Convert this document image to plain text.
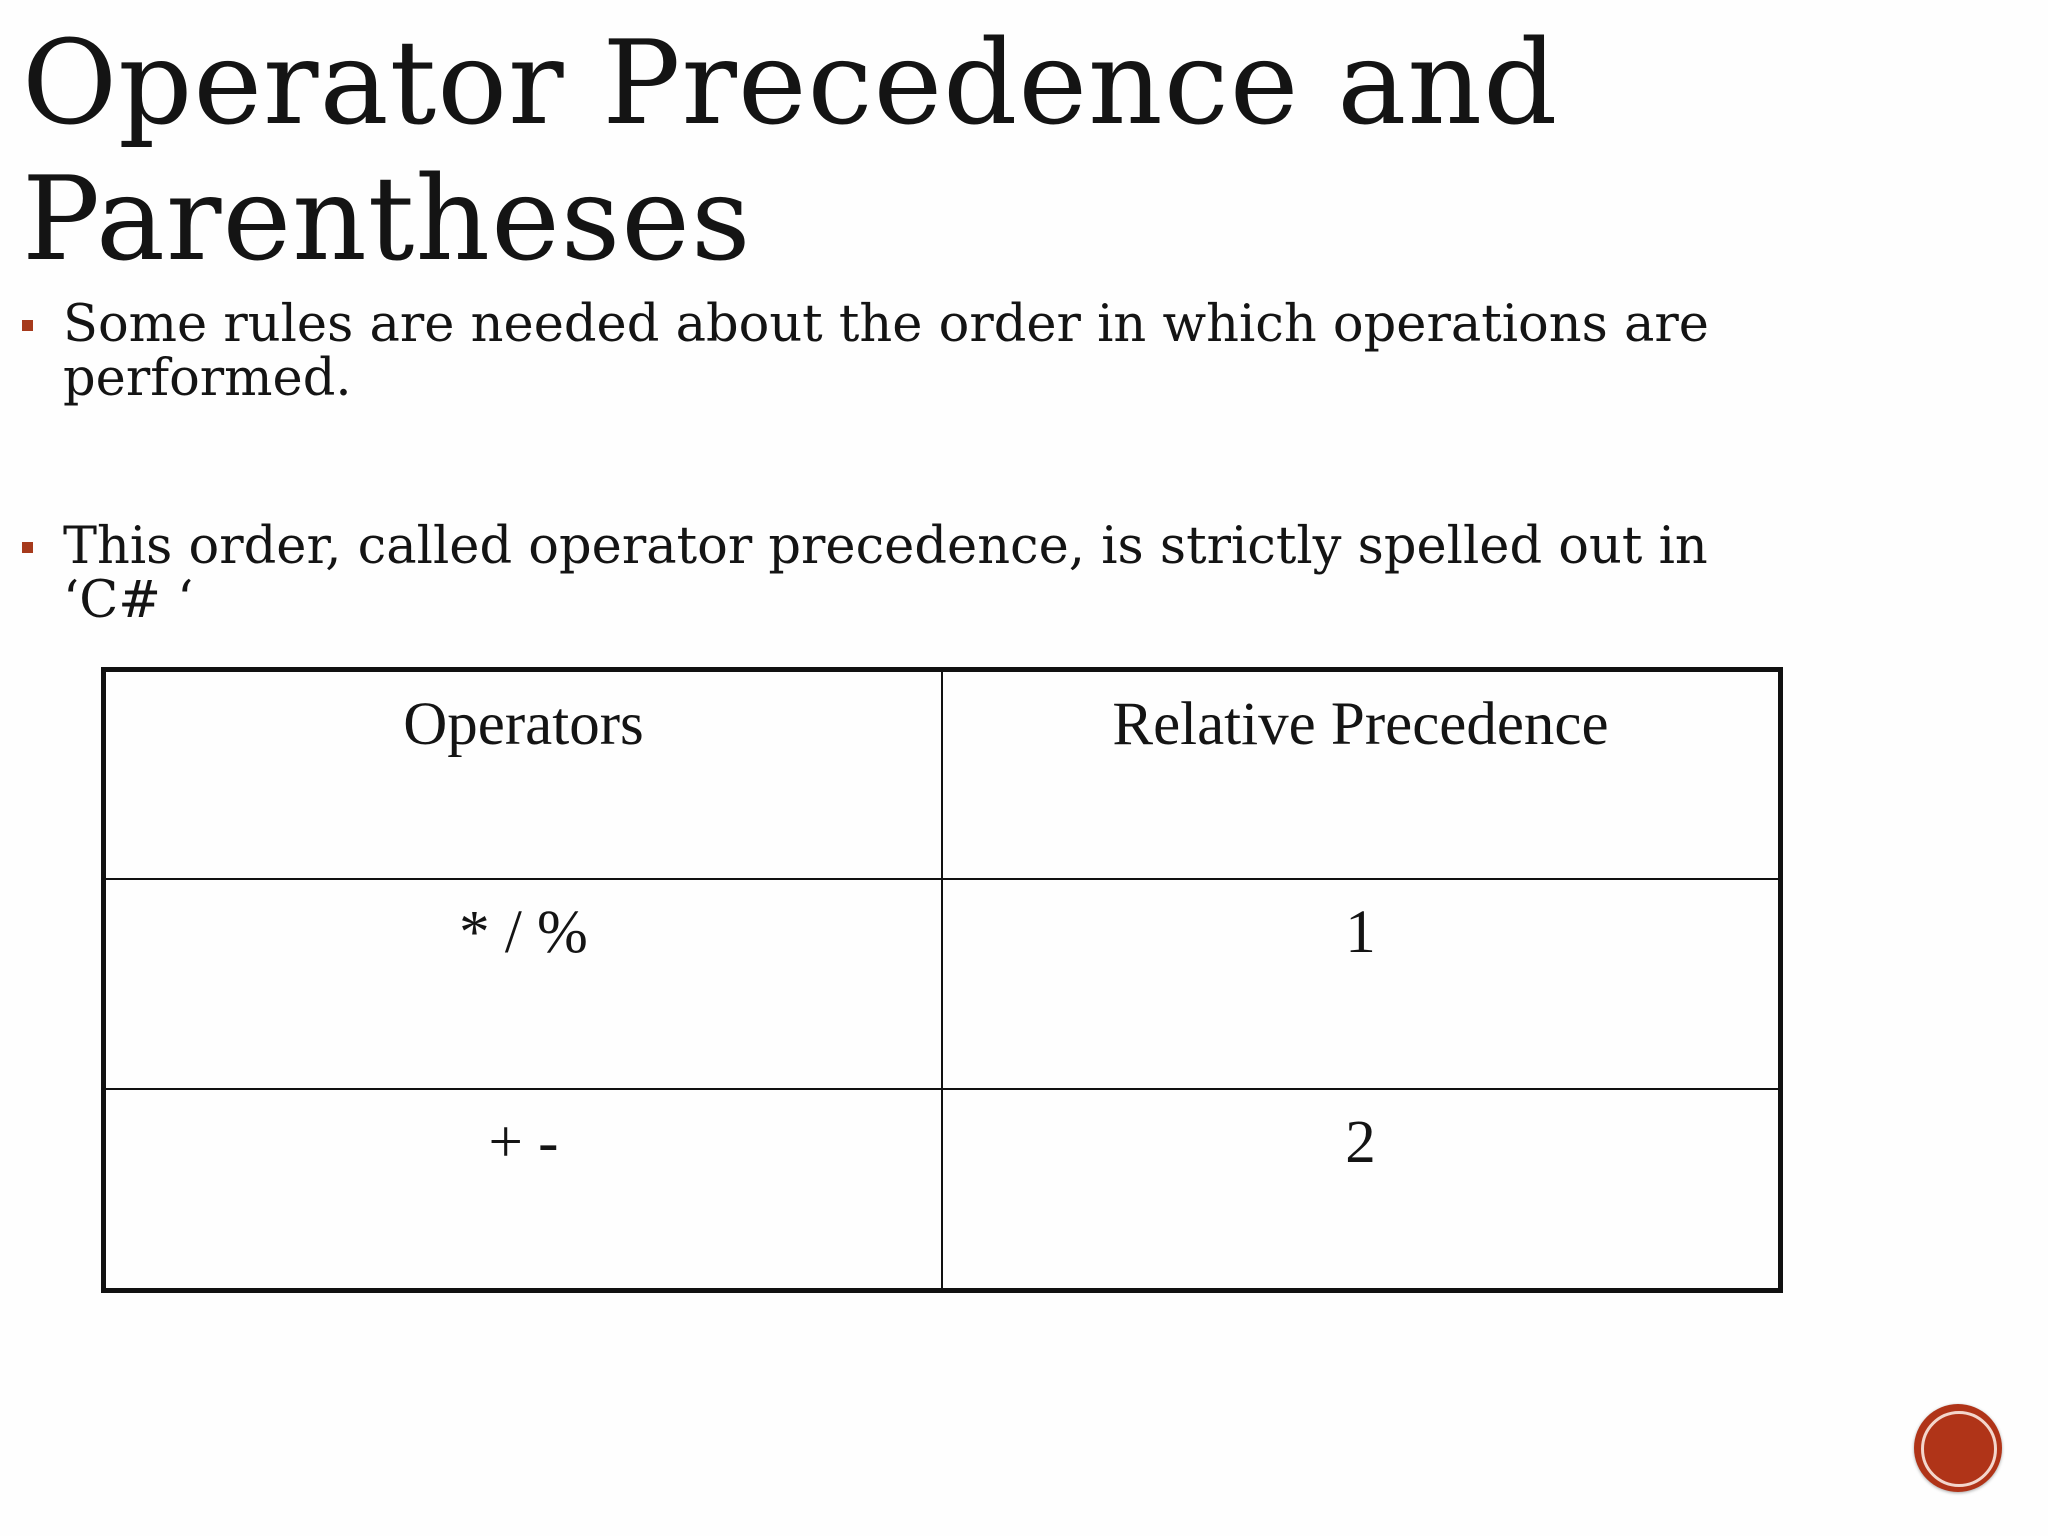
Operator Precedence and
Parentheses
Some rules are needed about the order in which operations are performed.
This order, called operator precedence, is strictly spelled out in ‘C# ‘
Operators	Relative Precedence
* / %	1
+ -	2
